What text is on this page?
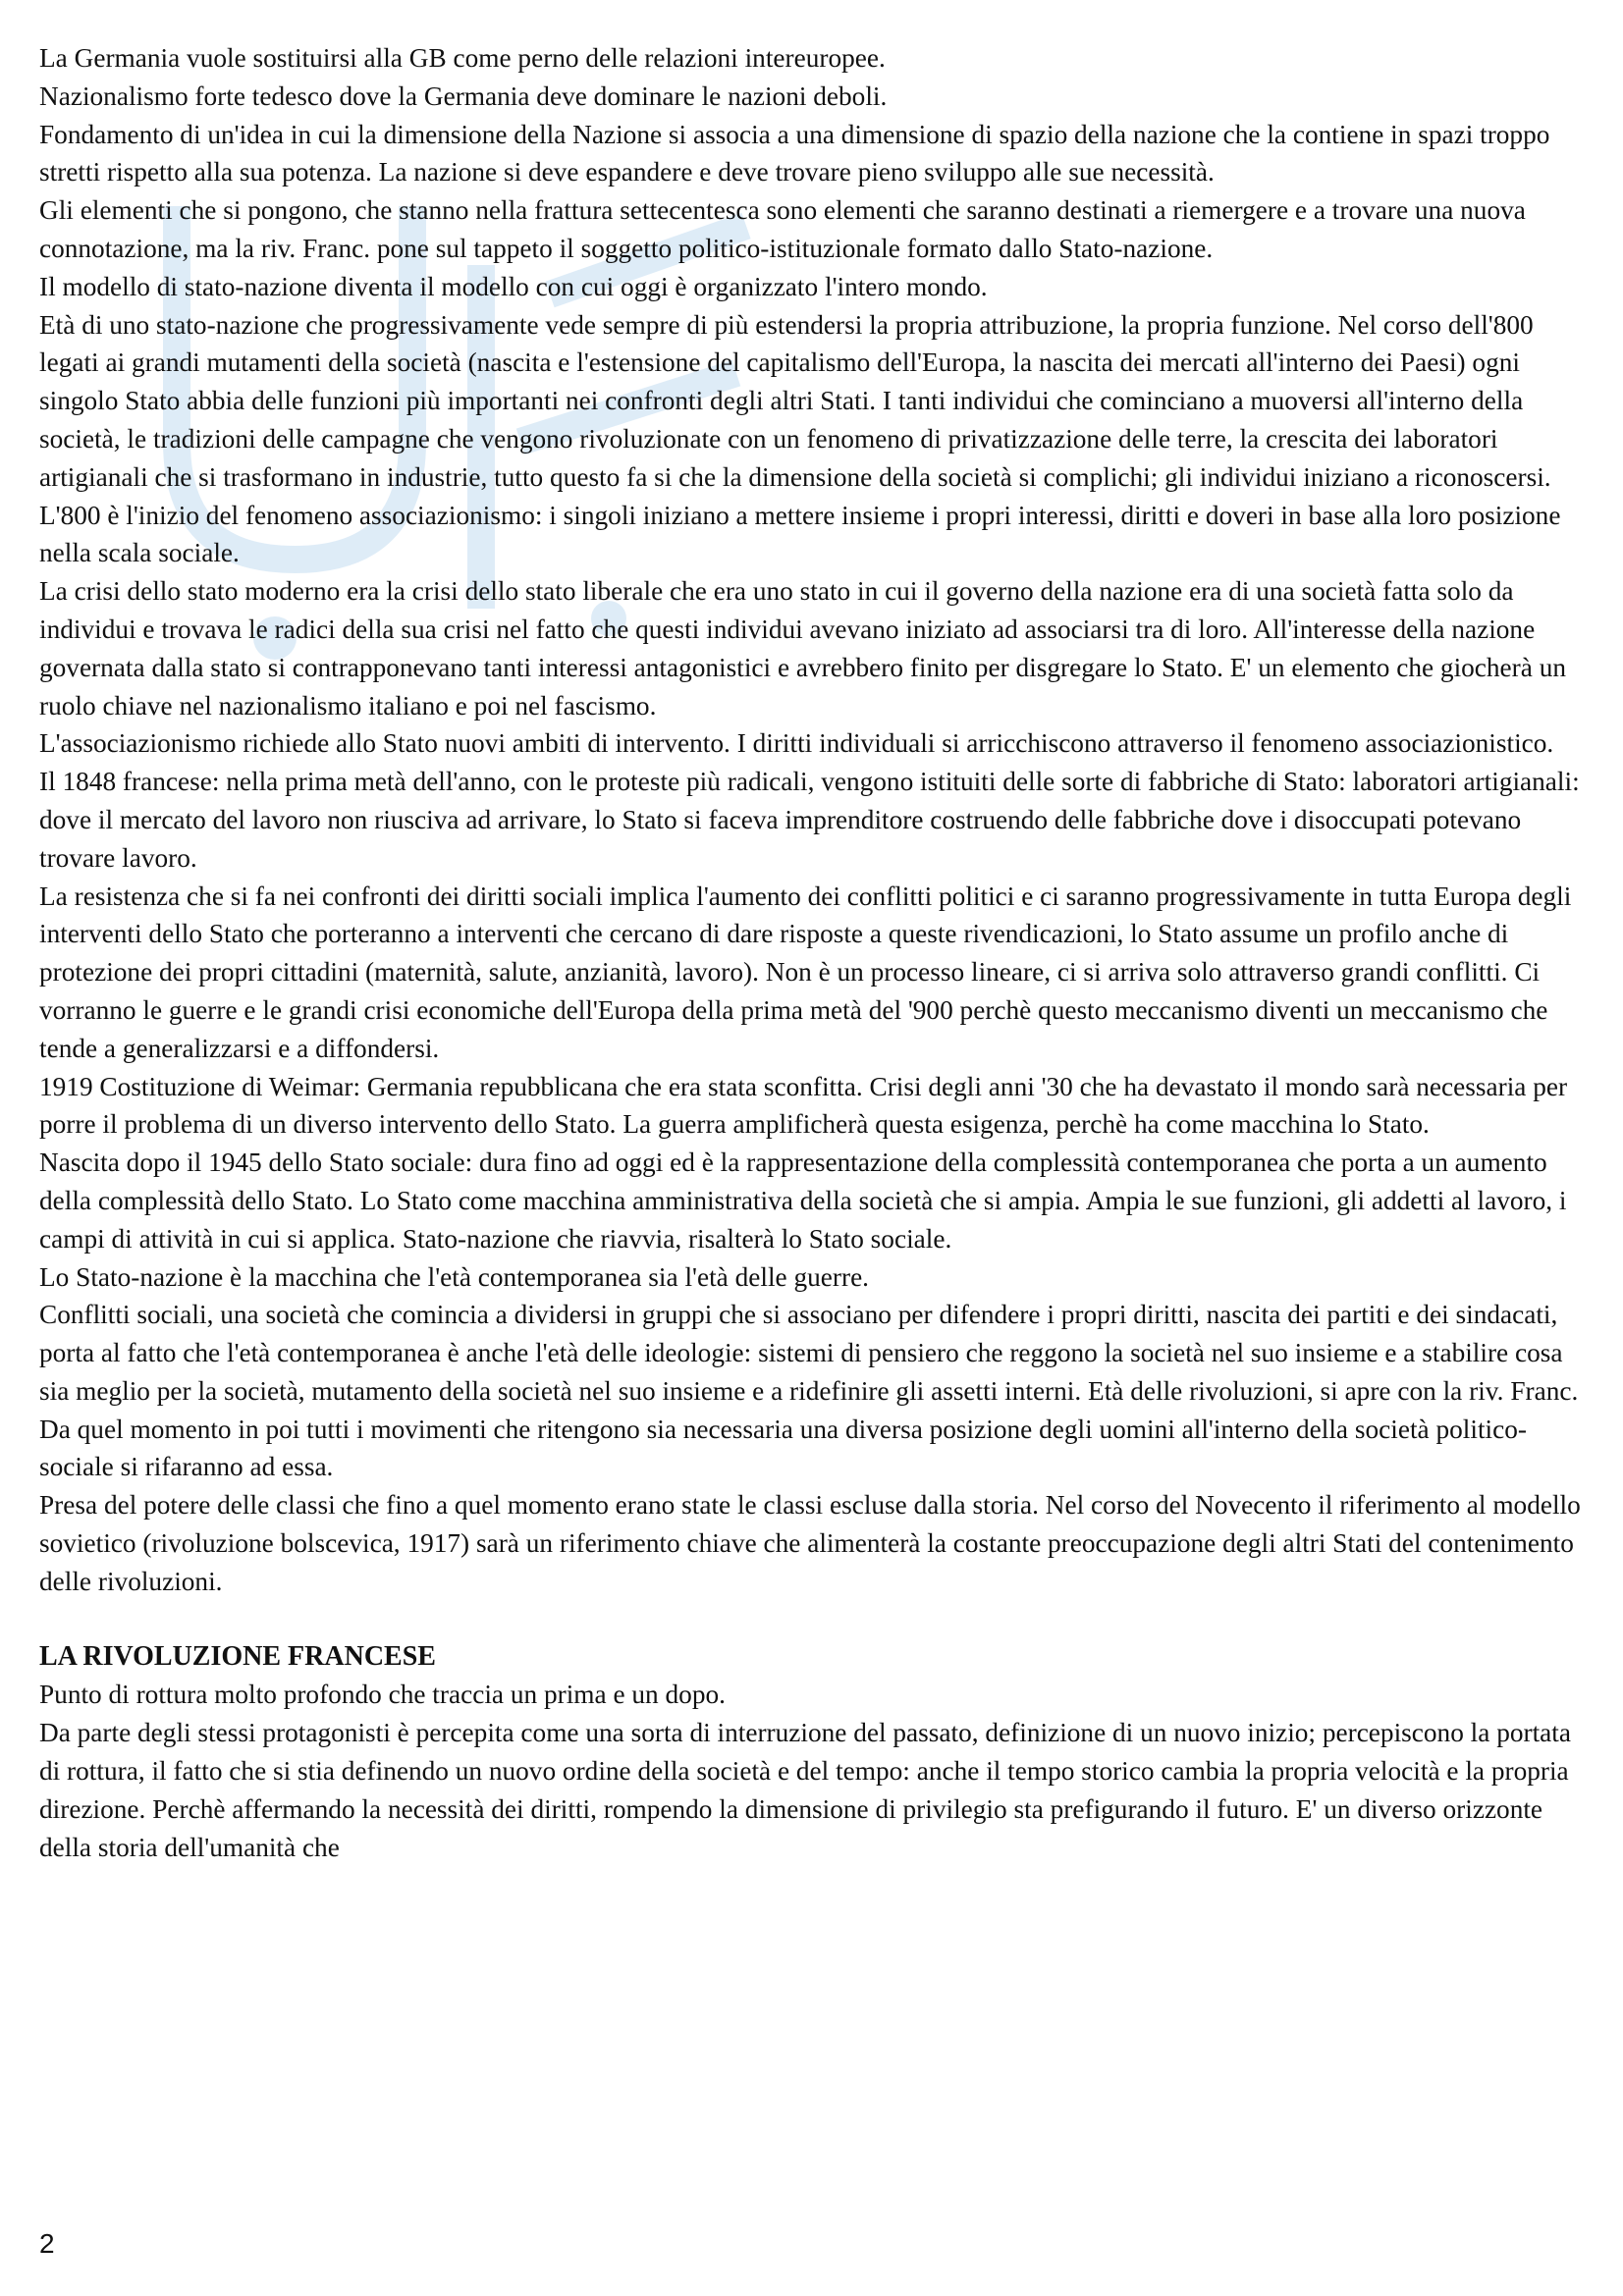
La Germania vuole sostituirsi alla GB come perno delle relazioni intereuropee.

Nazionalismo forte tedesco dove la Germania deve dominare le nazioni deboli.

Fondamento di un'idea in cui la dimensione della Nazione si associa a una dimensione di spazio della nazione che la contiene in spazi troppo stretti rispetto alla sua potenza. La nazione si deve espandere e deve trovare pieno sviluppo alle sue necessità.

Gli elementi che si pongono, che stanno nella frattura settecentesca sono elementi che saranno destinati a riemergere e a trovare una nuova connotazione, ma la riv. Franc. pone sul tappeto il soggetto politico-istituzionale formato dallo Stato-nazione.

Il modello di stato-nazione diventa il modello con cui oggi è organizzato l'intero mondo.

Età di uno stato-nazione che progressivamente vede sempre di più estendersi la propria attribuzione, la propria funzione. Nel corso dell'800 legati ai grandi mutamenti della società (nascita e l'estensione del capitalismo dell'Europa, la nascita dei mercati all'interno dei Paesi) ogni singolo Stato abbia delle funzioni più importanti nei confronti degli altri Stati. I tanti individui che cominciano a muoversi all'interno della società, le tradizioni delle campagne che vengono rivoluzionate con un fenomeno di privatizzazione delle terre, la crescita dei laboratori artigianali che si trasformano in industrie, tutto questo fa si che la dimensione della società si complichi; gli individui iniziano a riconoscersi. L'800 è l'inizio del fenomeno associazionismo: i singoli iniziano a mettere insieme i propri interessi, diritti e doveri in base alla loro posizione nella scala sociale.

La crisi dello stato moderno era la crisi dello stato liberale che era uno stato in cui il governo della nazione era di una società fatta solo da individui e trovava le radici della sua crisi nel fatto che questi individui avevano iniziato ad associarsi tra di loro. All'interesse della nazione governata dalla stato si contrapponevano tanti interessi antagonistici e avrebbero finito per disgregare lo Stato. E' un elemento che giocherà un ruolo chiave nel nazionalismo italiano e poi nel fascismo.

L'associazionismo richiede allo Stato nuovi ambiti di intervento. I diritti individuali si arricchiscono attraverso il fenomeno associazionistico.

Il 1848 francese: nella prima metà dell'anno, con le proteste più radicali, vengono istituiti delle sorte di fabbriche di Stato: laboratori artigianali: dove il mercato del lavoro non riusciva ad arrivare, lo Stato si faceva imprenditore costruendo delle fabbriche dove i disoccupati potevano trovare lavoro.

La resistenza che si fa nei confronti dei diritti sociali implica l'aumento dei conflitti politici e ci saranno progressivamente in tutta Europa degli interventi dello Stato che porteranno a interventi che cercano di dare risposte a queste rivendicazioni, lo Stato assume un profilo anche di protezione dei propri cittadini (maternità, salute, anzianità, lavoro). Non è un processo lineare, ci si arriva solo attraverso grandi conflitti. Ci vorranno le guerre e le grandi crisi economiche dell'Europa della prima metà del '900 perchè questo meccanismo diventi un meccanismo che tende a generalizzarsi e a diffondersi.

1919 Costituzione di Weimar: Germania repubblicana che era stata sconfitta. Crisi degli anni '30 che ha devastato il mondo sarà necessaria per porre il problema di un diverso intervento dello Stato. La guerra amplificherà questa esigenza, perchè ha come macchina lo Stato.

Nascita dopo il 1945 dello Stato sociale: dura fino ad oggi ed è la rappresentazione della complessità contemporanea che porta a un aumento della complessità dello Stato. Lo Stato come macchina amministrativa della società che si ampia. Ampia le sue funzioni, gli addetti al lavoro, i campi di attività in cui si applica. Stato-nazione che riavvia, risalterà lo Stato sociale.

Lo Stato-nazione è la macchina che l'età contemporanea sia l'età delle guerre.

Conflitti sociali, una società che comincia a dividersi in gruppi che si associano per difendere i propri diritti, nascita dei partiti e dei sindacati, porta al fatto che l'età contemporanea è anche l'età delle ideologie: sistemi di pensiero che reggono la società nel suo insieme e a stabilire cosa sia meglio per la società, mutamento della società nel suo insieme e a ridefinire gli assetti interni. Età delle rivoluzioni, si apre con la riv. Franc. Da quel momento in poi tutti i movimenti che ritengono sia necessaria una diversa posizione degli uomini all'interno della società politico-sociale si rifaranno ad essa.

Presa del potere delle classi che fino a quel momento erano state le classi escluse dalla storia. Nel corso del Novecento il riferimento al modello sovietico (rivoluzione bolscevica, 1917) sarà un riferimento chiave che alimenterà la costante preoccupazione degli altri Stati del contenimento delle rivoluzioni.

LA RIVOLUZIONE FRANCESE

Punto di rottura molto profondo che traccia un prima e un dopo.

Da parte degli stessi protagonisti è percepita come una sorta di interruzione del passato, definizione di un nuovo inizio; percepiscono la portata di rottura, il fatto che si stia definendo un nuovo ordine della società e del tempo: anche il tempo storico cambia la propria velocità e la propria direzione. Perchè affermando la necessità dei diritti, rompendo la dimensione di privilegio sta prefigurando il futuro. E' un diverso orizzonte della storia dell'umanità che

2
